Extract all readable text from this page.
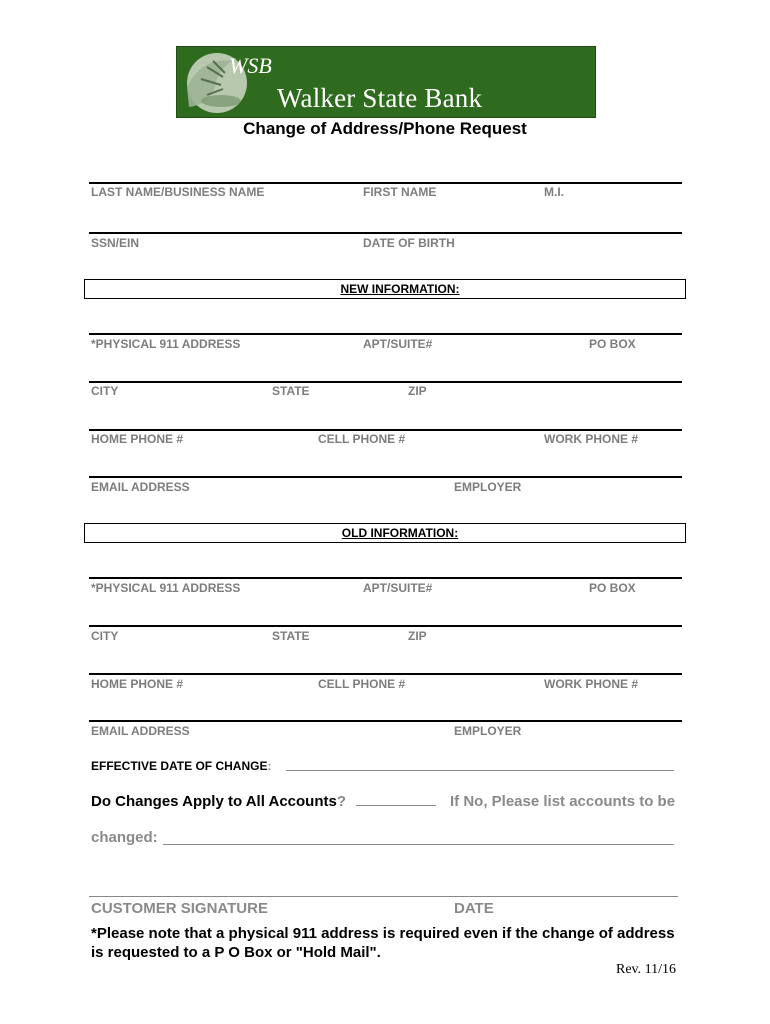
WSB
Walker State Bank
Change of Address/Phone Request
LAST NAME/BUSINESS NAME	FIRST NAME	M.I.
SSN/EIN	DATE OF BIRTH
NEW INFORMATION:
*PHYSICAL 911 ADDRESS	APT/SUITE#	PO BOX
CITY	STATE	ZIP
HOME PHONE #	CELL PHONE #	WORK PHONE #
EMAIL ADDRESS	EMPLOYER
OLD INFORMATION:
*PHYSICAL 911 ADDRESS	APT/SUITE#	PO BOX
CITY	STATE	ZIP
HOME PHONE #	CELL PHONE #	WORK PHONE #
EMAIL ADDRESS	EMPLOYER
EFFECTIVE DATE OF CHANGE:
Do Changes Apply to All Accounts?	If No, Please list accounts to be
changed:
CUSTOMER SIGNATURE	DATE
*Please note that a physical 911 address is required even if the change of address is requested to a P O Box or "Hold Mail".
Rev. 11/16
